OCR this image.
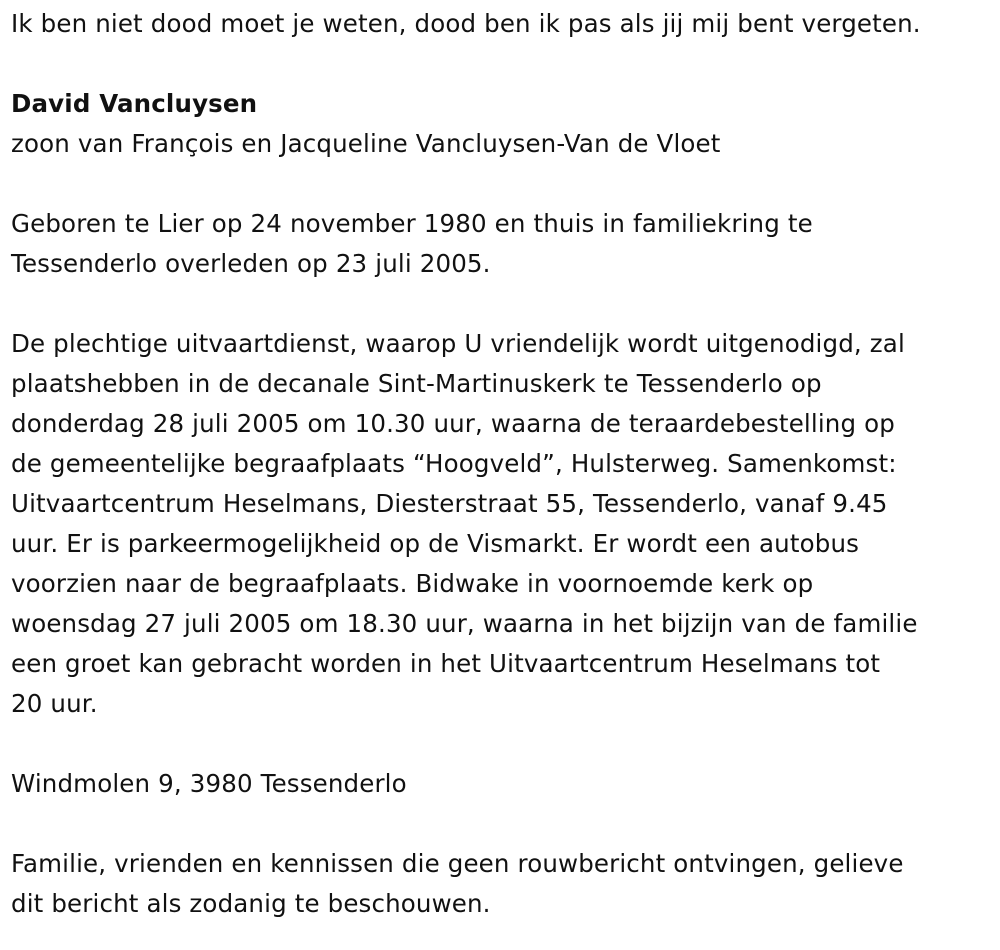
Ik ben niet dood moet je weten, dood ben ik pas als jij mij bent vergeten.
David Vancluysen
zoon van François en Jacqueline Vancluysen-Van de Vloet
Geboren te Lier op 24 november 1980 en thuis in familiekring te
Tessenderlo overleden op 23 juli 2005.
De plechtige uitvaartdienst, waarop U vriendelijk wordt uitgenodigd, zal
plaatshebben in de decanale Sint-Martinuskerk te Tessenderlo op
donderdag 28 juli 2005 om 10.30 uur, waarna de teraardebestelling op
de gemeentelijke begraafplaats “Hoogveld”, Hulsterweg. Samenkomst:
Uitvaartcentrum Heselmans, Diesterstraat 55, Tessenderlo, vanaf 9.45
uur. Er is parkeermogelijkheid op de Vismarkt. Er wordt een autobus
voorzien naar de begraafplaats. Bidwake in voornoemde kerk op
woensdag 27 juli 2005 om 18.30 uur, waarna in het bijzijn van de familie
een groet kan gebracht worden in het Uitvaartcentrum Heselmans tot
20 uur.
Windmolen 9, 3980 Tessenderlo
Familie, vrienden en kennissen die geen rouwbericht ontvingen, gelieve
dit bericht als zodanig te beschouwen.
